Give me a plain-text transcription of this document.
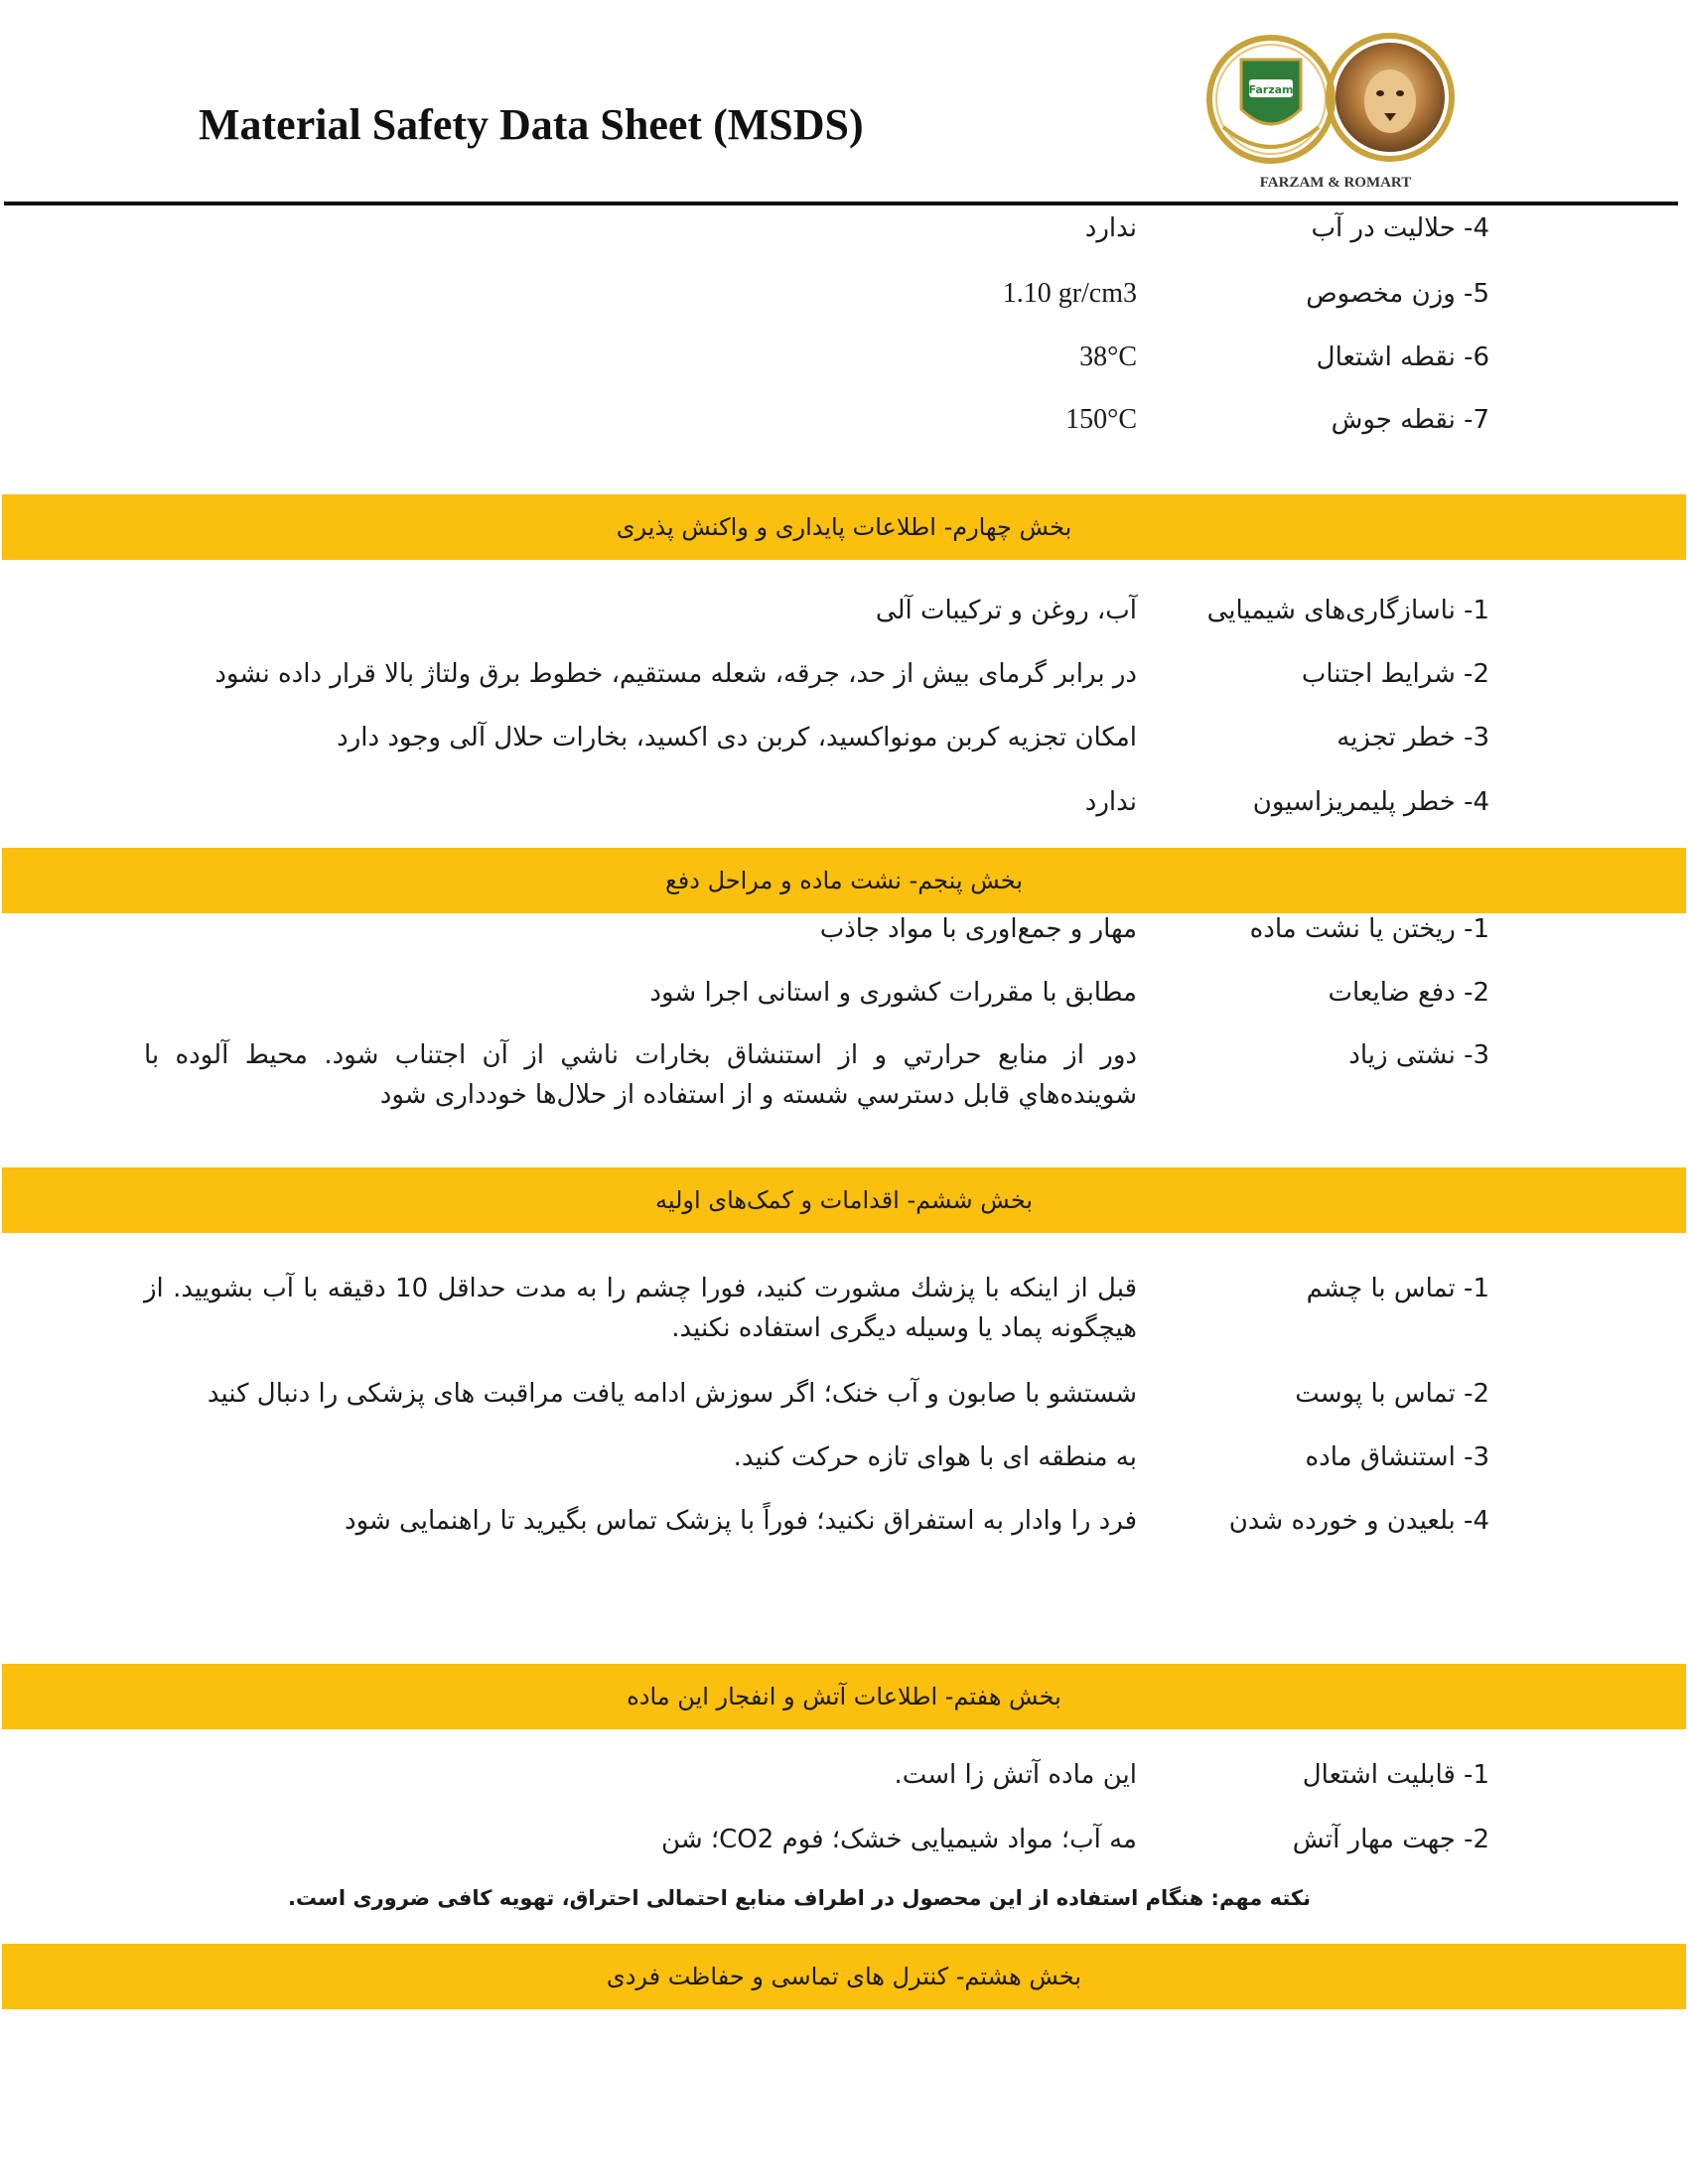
Material Safety Data Sheet (MSDS)
Farzam
FARZAM & ROMART
4- حلالیت در آب
ندارد
5- وزن مخصوص
1.10 gr/cm3
6- نقطه اشتعال
38°C
7- نقطه جوش
150°C
بخش چهارم- اطلاعات پایداری و واکنش پذیری
1- ناسازگاری‌های شیمیایی
آب، روغن و ترکیبات آلی
2- شرایط اجتناب
در برابر گرمای بیش از حد، جرقه، شعله مستقیم، خطوط برق ولتاژ بالا قرار داده نشود
3- خطر تجزیه
امکان تجزیه کربن مونواکسید، کربن دی اکسید، بخارات حلال آلی وجود دارد
4- خطر پلیمریزاسیون
ندارد
بخش پنجم- نشت ماده و مراحل دفع
1- ریختن یا نشت ماده
مهار و جمع‌اوری با مواد جاذب
2- دفع ضایعات
مطابق با مقررات کشوری و استانی اجرا شود
3- نشتی زیاد
دور از منابع حرارتي و از استنشاق بخارات ناشي از آن اجتناب شود. محیط آلوده با شوینده‌هاي قابل دسترسي شسته و از استفاده از حلال‌ها خودداری شود
بخش ششم- اقدامات و کمک‌های اولیه
1- تماس با چشم
قبل از اینکه با پزشك مشورت کنید، فورا چشم را به مدت حداقل 10 دقیقه با آب بشویید. از هیچگونه پماد یا وسیله دیگری استفاده نکنید.
2- تماس با پوست
شستشو با صابون و آب خنک؛ اگر سوزش ادامه یافت مراقبت های پزشکی را دنبال کنید
3- استنشاق ماده
به منطقه ای با هوای تازه حرکت کنید.
4- بلعیدن و خورده شدن
فرد را وادار به استفراق نکنید؛ فوراً با پزشک تماس بگیرید تا راهنمایی شود
بخش هفتم- اطلاعات آتش و انفجار این ماده
1- قابلیت اشتعال
این ماده آتش زا است.
2- جهت مهار آتش
مه آب؛ مواد شیمیایی خشک؛ فوم CO2؛ شن
نکته مهم: هنگام استفاده از این محصول در اطراف منابع احتمالی احتراق، تهویه کافی ضروری است.
بخش هشتم- کنترل های تماسی و حفاظت فردی
